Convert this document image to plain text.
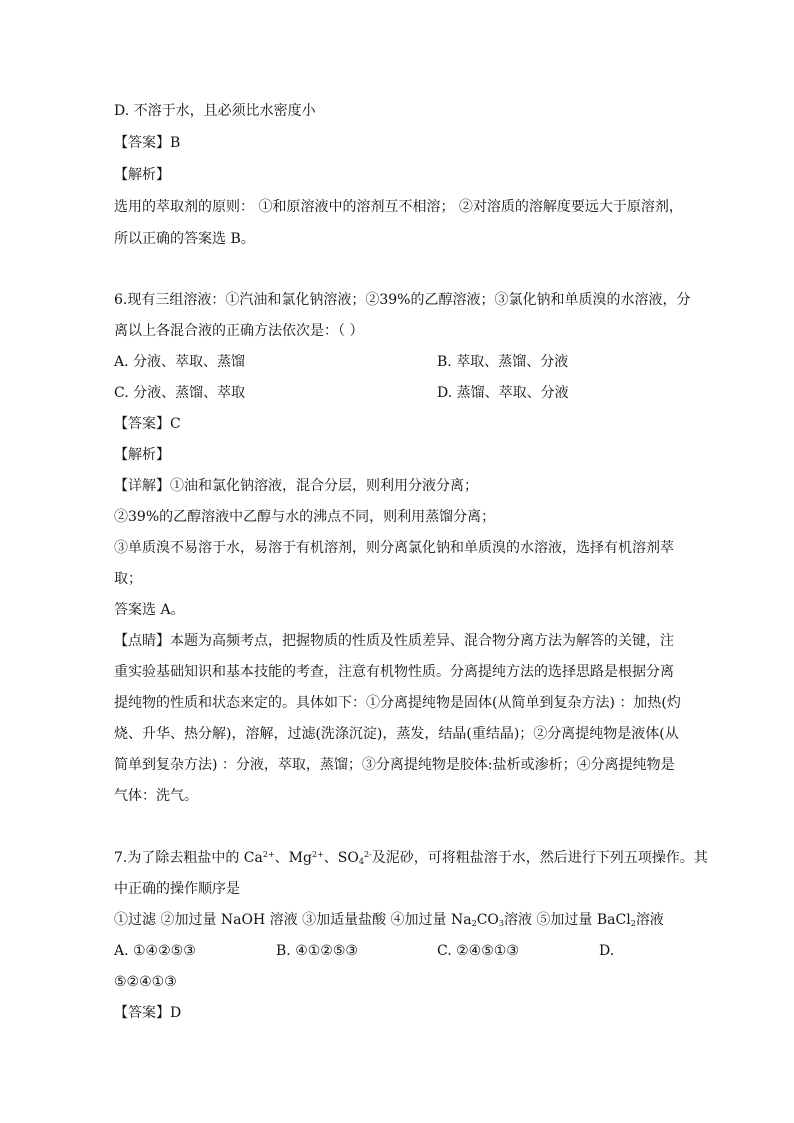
D. 不溶于水，且必须比水密度小
【答案】B
【解析】
选用的萃取剂的原则： ①和原溶液中的溶剂互不相溶； ②对溶质的溶解度要远大于原溶剂，
所以正确的答案选 B。
6.现有三组溶液：①汽油和氯化钠溶液；②39%的乙醇溶液；③氯化钠和单质溴的水溶液，分
离以上各混合液的正确方法依次是：（ ）
A. 分液、萃取、蒸馏	B. 萃取、蒸馏、分液
C. 分液、蒸馏、萃取	D. 蒸馏、萃取、分液
【答案】C
【解析】
【详解】①油和氯化钠溶液，混合分层，则利用分液分离；
②39%的乙醇溶液中乙醇与水的沸点不同，则利用蒸馏分离；
③单质溴不易溶于水，易溶于有机溶剂，则分离氯化钠和单质溴的水溶液，选择有机溶剂萃
取；
答案选 A。
【点睛】本题为高频考点，把握物质的性质及性质差异、混合物分离方法为解答的关键，注
重实验基础知识和基本技能的考查，注意有机物性质。分离提纯方法的选择思路是根据分离
提纯物的性质和状态来定的。具体如下：①分离提纯物是固体(从简单到复杂方法) ：加热(灼
烧、升华、热分解)，溶解，过滤(洗涤沉淀)，蒸发，结晶(重结晶)；②分离提纯物是液体(从
简单到复杂方法) ：分液，萃取，蒸馏；③分离提纯物是胶体:盐析或渗析；④分离提纯物是
气体：洗气。
7.为了除去粗盐中的 $Ca^{2+}$、$Mg^{2+}$、$SO_4^{2-}$及泥砂，可将粗盐溶于水，然后进行下列五项操作。其
中正确的操作顺序是
①过滤 ②加过量 NaOH 溶液 ③加适量盐酸 ④加过量 $Na_2CO_3$溶液 ⑤加过量 BaCl$_2$溶液
A. ①④②⑤③	B. ④①②⑤③	C. ②④⑤①③	D.
⑤②④①③
【答案】D
